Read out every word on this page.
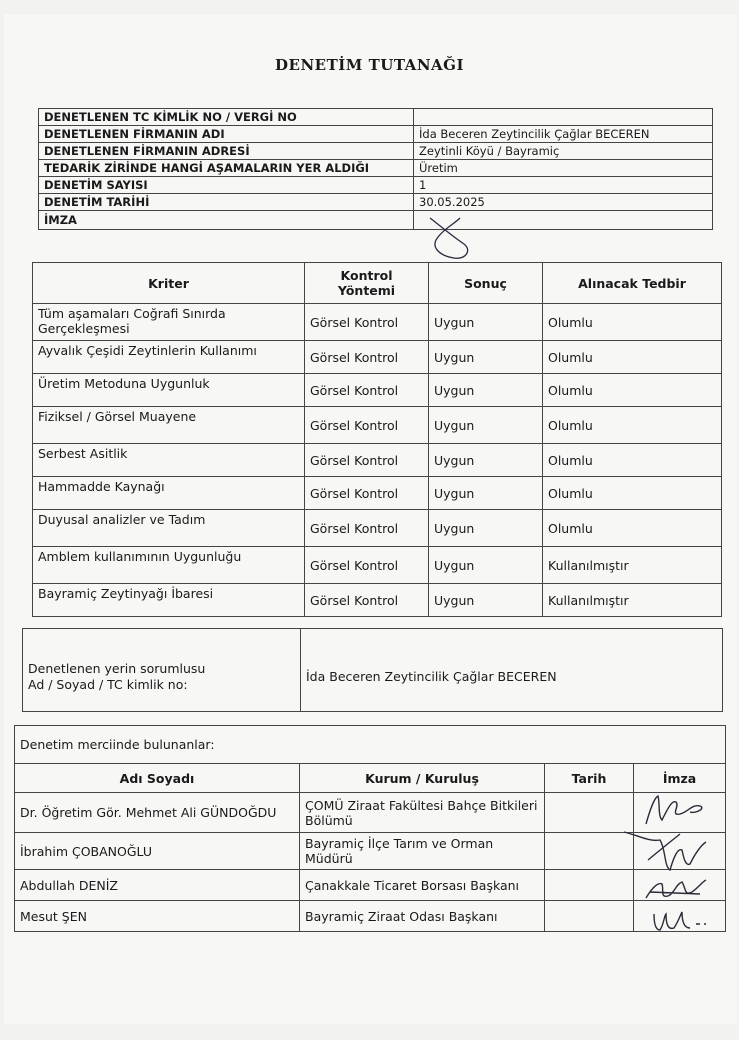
DENETİM TUTANAĞI
DENETLENEN TC KİMLİK NO / VERGİ NO	
DENETLENEN FİRMANIN ADI	İda Beceren Zeytincilik Çağlar BECEREN
DENETLENEN FİRMANIN ADRESİ	Zeytinli Köyü / Bayramiç
TEDARİK ZİRİNDE HANGİ AŞAMALARIN YER ALDIĞI	Üretim
DENETİM SAYISI	1
DENETİM TARİHİ	30.05.2025
İMZA	
Kriter	Kontrol Yöntemi	Sonuç	Alınacak Tedbir
Tüm aşamaları Coğrafi Sınırda Gerçekleşmesi	Görsel Kontrol	Uygun	Olumlu
Ayvalık Çeşidi Zeytinlerin Kullanımı	Görsel Kontrol	Uygun	Olumlu
Üretim Metoduna Uygunluk	Görsel Kontrol	Uygun	Olumlu
Fiziksel / Görsel Muayene	Görsel Kontrol	Uygun	Olumlu
Serbest Asitlik	Görsel Kontrol	Uygun	Olumlu
Hammadde Kaynağı	Görsel Kontrol	Uygun	Olumlu
Duyusal analizler ve Tadım	Görsel Kontrol	Uygun	Olumlu
Amblem kullanımının Uygunluğu	Görsel Kontrol	Uygun	Kullanılmıştır
Bayramiç Zeytinyağı İbaresi	Görsel Kontrol	Uygun	Kullanılmıştır
Denetlenen yerin sorumlusu
Ad / Soyad / TC kimlik no:
	İda Beceren Zeytincilik Çağlar BECEREN
Denetim merciinde bulunanlar:			
Adı Soyadı	Kurum / Kuruluş	Tarih	İmza
Dr. Öğretim Gör. Mehmet Ali GÜNDOĞDU	ÇOMÜ Ziraat Fakültesi Bahçe Bitkileri Bölümü		
İbrahim ÇOBANOĞLU	Bayramiç İlçe Tarım ve Orman Müdürü		
Abdullah DENİZ	Çanakkale Ticaret Borsası Başkanı		
Mesut ŞEN	Bayramiç Ziraat Odası Başkanı		
